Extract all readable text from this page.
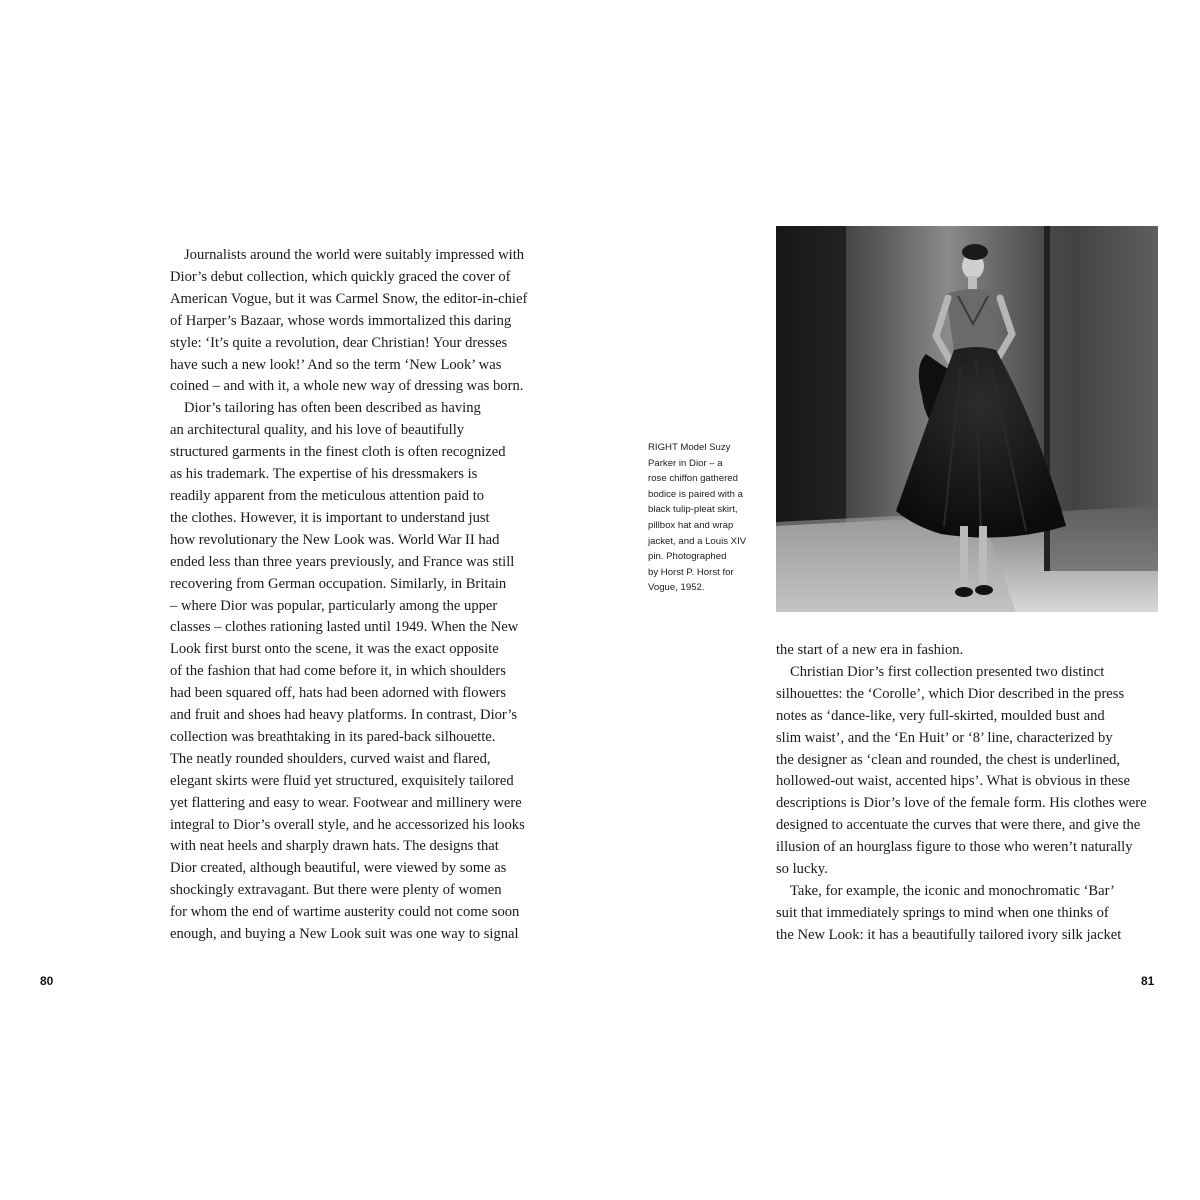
Journalists around the world were suitably impressed with
Dior’s debut collection, which quickly graced the cover of
American Vogue, but it was Carmel Snow, the editor-in-chief
of Harper’s Bazaar, whose words immortalized this daring
style: ‘It’s quite a revolution, dear Christian! Your dresses
have such a new look!’ And so the term ‘New Look’ was
coined – and with it, a whole new way of dressing was born.
Dior’s tailoring has often been described as having
an architectural quality, and his love of beautifully
structured garments in the finest cloth is often recognized
as his trademark. The expertise of his dressmakers is
readily apparent from the meticulous attention paid to
the clothes. However, it is important to understand just
how revolutionary the New Look was. World War II had
ended less than three years previously, and France was still
recovering from German occupation. Similarly, in Britain
– where Dior was popular, particularly among the upper
classes – clothes rationing lasted until 1949. When the New
Look first burst onto the scene, it was the exact opposite
of the fashion that had come before it, in which shoulders
had been squared off, hats had been adorned with flowers
and fruit and shoes had heavy platforms. In contrast, Dior’s
collection was breathtaking in its pared-back silhouette.
The neatly rounded shoulders, curved waist and flared,
elegant skirts were fluid yet structured, exquisitely tailored
yet flattering and easy to wear. Footwear and millinery were
integral to Dior’s overall style, and he accessorized his looks
with neat heels and sharply drawn hats. The designs that
Dior created, although beautiful, were viewed by some as
shockingly extravagant. But there were plenty of women
for whom the end of wartime austerity could not come soon
enough, and buying a New Look suit was one way to signal
RIGHT Model Suzy
Parker in Dior – a
rose chiffon gathered
bodice is paired with a
black tulip-pleat skirt,
pillbox hat and wrap
jacket, and a Louis XIV
pin. Photographed
by Horst P. Horst for
Vogue, 1952.
the start of a new era in fashion.
Christian Dior’s first collection presented two distinct
silhouettes: the ‘Corolle’, which Dior described in the press
notes as ‘dance-like, very full-skirted, moulded bust and
slim waist’, and the ‘En Huit’ or ‘8’ line, characterized by
the designer as ‘clean and rounded, the chest is underlined,
hollowed-out waist, accented hips’. What is obvious in these
descriptions is Dior’s love of the female form. His clothes were
designed to accentuate the curves that were there, and give the
illusion of an hourglass figure to those who weren’t naturally
so lucky.
Take, for example, the iconic and monochromatic ‘Bar’
suit that immediately springs to mind when one thinks of
the New Look: it has a beautifully tailored ivory silk jacket
80	81
